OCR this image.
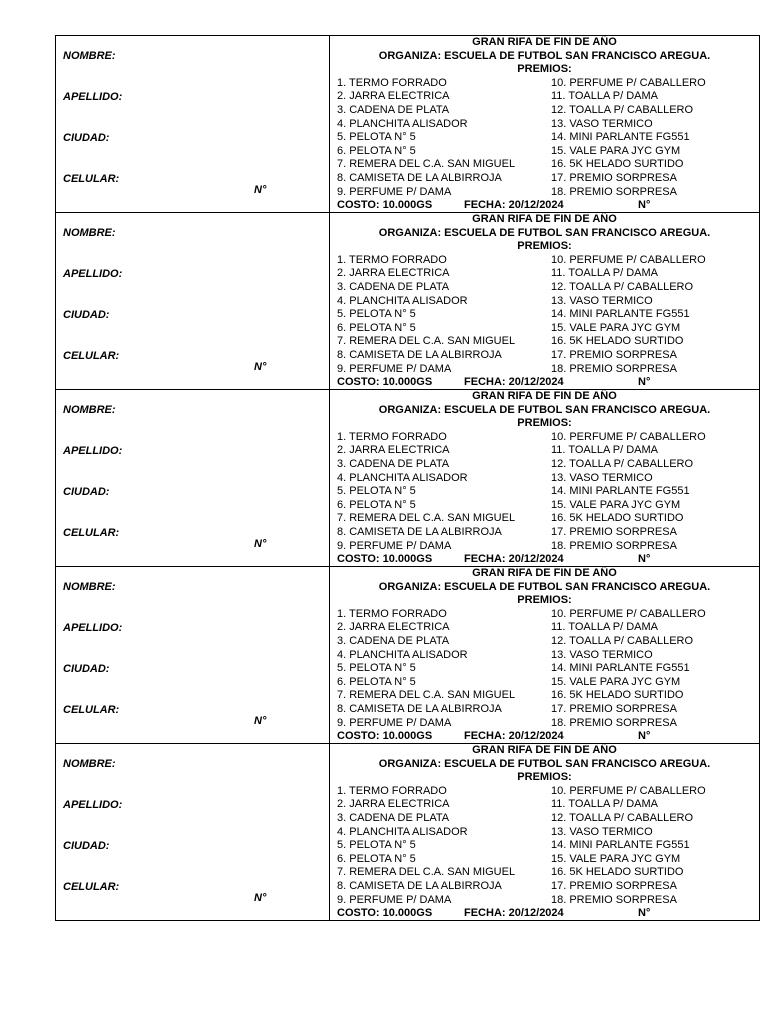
NOMBRE:
APELLIDO:
CIUDAD:
CELULAR:
N°
GRAN RIFA DE FIN DE AÑO
ORGANIZA: ESCUELA DE FUTBOL SAN FRANCISCO AREGUA.
PREMIOS:
1. TERMO FORRADO
2. JARRA ELECTRICA
3. CADENA DE PLATA
4. PLANCHITA ALISADOR
5. PELOTA N° 5
6. PELOTA N° 5
7. REMERA DEL C.A. SAN MIGUEL
8. CAMISETA DE LA ALBIRROJA
9. PERFUME P/ DAMA
10. PERFUME P/ CABALLERO
11. TOALLA P/ DAMA
12. TOALLA P/ CABALLERO
13. VASO TERMICO
14. MINI PARLANTE FG551
15. VALE PARA JYC GYM
16. 5K HELADO SURTIDO
17. PREMIO SORPRESA
18. PREMIO SORPRESA
COSTO: 10.000GS	FECHA: 20/12/2024	N°
NOMBRE:
APELLIDO:
CIUDAD:
CELULAR:
N°
GRAN RIFA DE FIN DE AÑO
ORGANIZA: ESCUELA DE FUTBOL SAN FRANCISCO AREGUA.
PREMIOS:
1. TERMO FORRADO
2. JARRA ELECTRICA
3. CADENA DE PLATA
4. PLANCHITA ALISADOR
5. PELOTA N° 5
6. PELOTA N° 5
7. REMERA DEL C.A. SAN MIGUEL
8. CAMISETA DE LA ALBIRROJA
9. PERFUME P/ DAMA
10. PERFUME P/ CABALLERO
11. TOALLA P/ DAMA
12. TOALLA P/ CABALLERO
13. VASO TERMICO
14. MINI PARLANTE FG551
15. VALE PARA JYC GYM
16. 5K HELADO SURTIDO
17. PREMIO SORPRESA
18. PREMIO SORPRESA
COSTO: 10.000GS	FECHA: 20/12/2024	N°
NOMBRE:
APELLIDO:
CIUDAD:
CELULAR:
N°
GRAN RIFA DE FIN DE AÑO
ORGANIZA: ESCUELA DE FUTBOL SAN FRANCISCO AREGUA.
PREMIOS:
1. TERMO FORRADO
2. JARRA ELECTRICA
3. CADENA DE PLATA
4. PLANCHITA ALISADOR
5. PELOTA N° 5
6. PELOTA N° 5
7. REMERA DEL C.A. SAN MIGUEL
8. CAMISETA DE LA ALBIRROJA
9. PERFUME P/ DAMA
10. PERFUME P/ CABALLERO
11. TOALLA P/ DAMA
12. TOALLA P/ CABALLERO
13. VASO TERMICO
14. MINI PARLANTE FG551
15. VALE PARA JYC GYM
16. 5K HELADO SURTIDO
17. PREMIO SORPRESA
18. PREMIO SORPRESA
COSTO: 10.000GS	FECHA: 20/12/2024	N°
NOMBRE:
APELLIDO:
CIUDAD:
CELULAR:
N°
GRAN RIFA DE FIN DE AÑO
ORGANIZA: ESCUELA DE FUTBOL SAN FRANCISCO AREGUA.
PREMIOS:
1. TERMO FORRADO
2. JARRA ELECTRICA
3. CADENA DE PLATA
4. PLANCHITA ALISADOR
5. PELOTA N° 5
6. PELOTA N° 5
7. REMERA DEL C.A. SAN MIGUEL
8. CAMISETA DE LA ALBIRROJA
9. PERFUME P/ DAMA
10. PERFUME P/ CABALLERO
11. TOALLA P/ DAMA
12. TOALLA P/ CABALLERO
13. VASO TERMICO
14. MINI PARLANTE FG551
15. VALE PARA JYC GYM
16. 5K HELADO SURTIDO
17. PREMIO SORPRESA
18. PREMIO SORPRESA
COSTO: 10.000GS	FECHA: 20/12/2024	N°
NOMBRE:
APELLIDO:
CIUDAD:
CELULAR:
N°
GRAN RIFA DE FIN DE AÑO
ORGANIZA: ESCUELA DE FUTBOL SAN FRANCISCO AREGUA.
PREMIOS:
1. TERMO FORRADO
2. JARRA ELECTRICA
3. CADENA DE PLATA
4. PLANCHITA ALISADOR
5. PELOTA N° 5
6. PELOTA N° 5
7. REMERA DEL C.A. SAN MIGUEL
8. CAMISETA DE LA ALBIRROJA
9. PERFUME P/ DAMA
10. PERFUME P/ CABALLERO
11. TOALLA P/ DAMA
12. TOALLA P/ CABALLERO
13. VASO TERMICO
14. MINI PARLANTE FG551
15. VALE PARA JYC GYM
16. 5K HELADO SURTIDO
17. PREMIO SORPRESA
18. PREMIO SORPRESA
COSTO: 10.000GS	FECHA: 20/12/2024	N°
